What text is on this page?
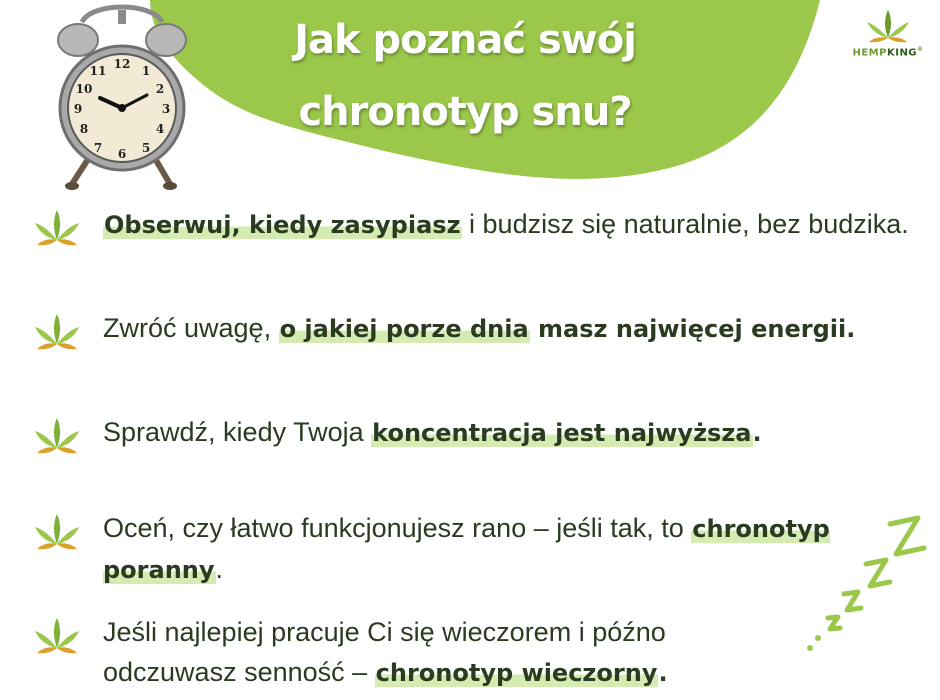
12 1
2
3
4
5
6
7
8
9
10
11
Jak poznać swój
chronotyp snu?
HEMPKING®
Obserwuj, kiedy zasypiasz i budzisz się naturalnie, bez budzika.
Zwróć uwagę, o jakiej porze dnia masz najwięcej energii.
Sprawdź, kiedy Twoja koncentracja jest najwyższa.
Oceń, czy łatwo funkcjonujesz rano – jeśli tak, to chronotyp poranny.
Jeśli najlepiej pracuje Ci się wieczorem i późno odczuwasz senność – chronotyp wieczorny.
